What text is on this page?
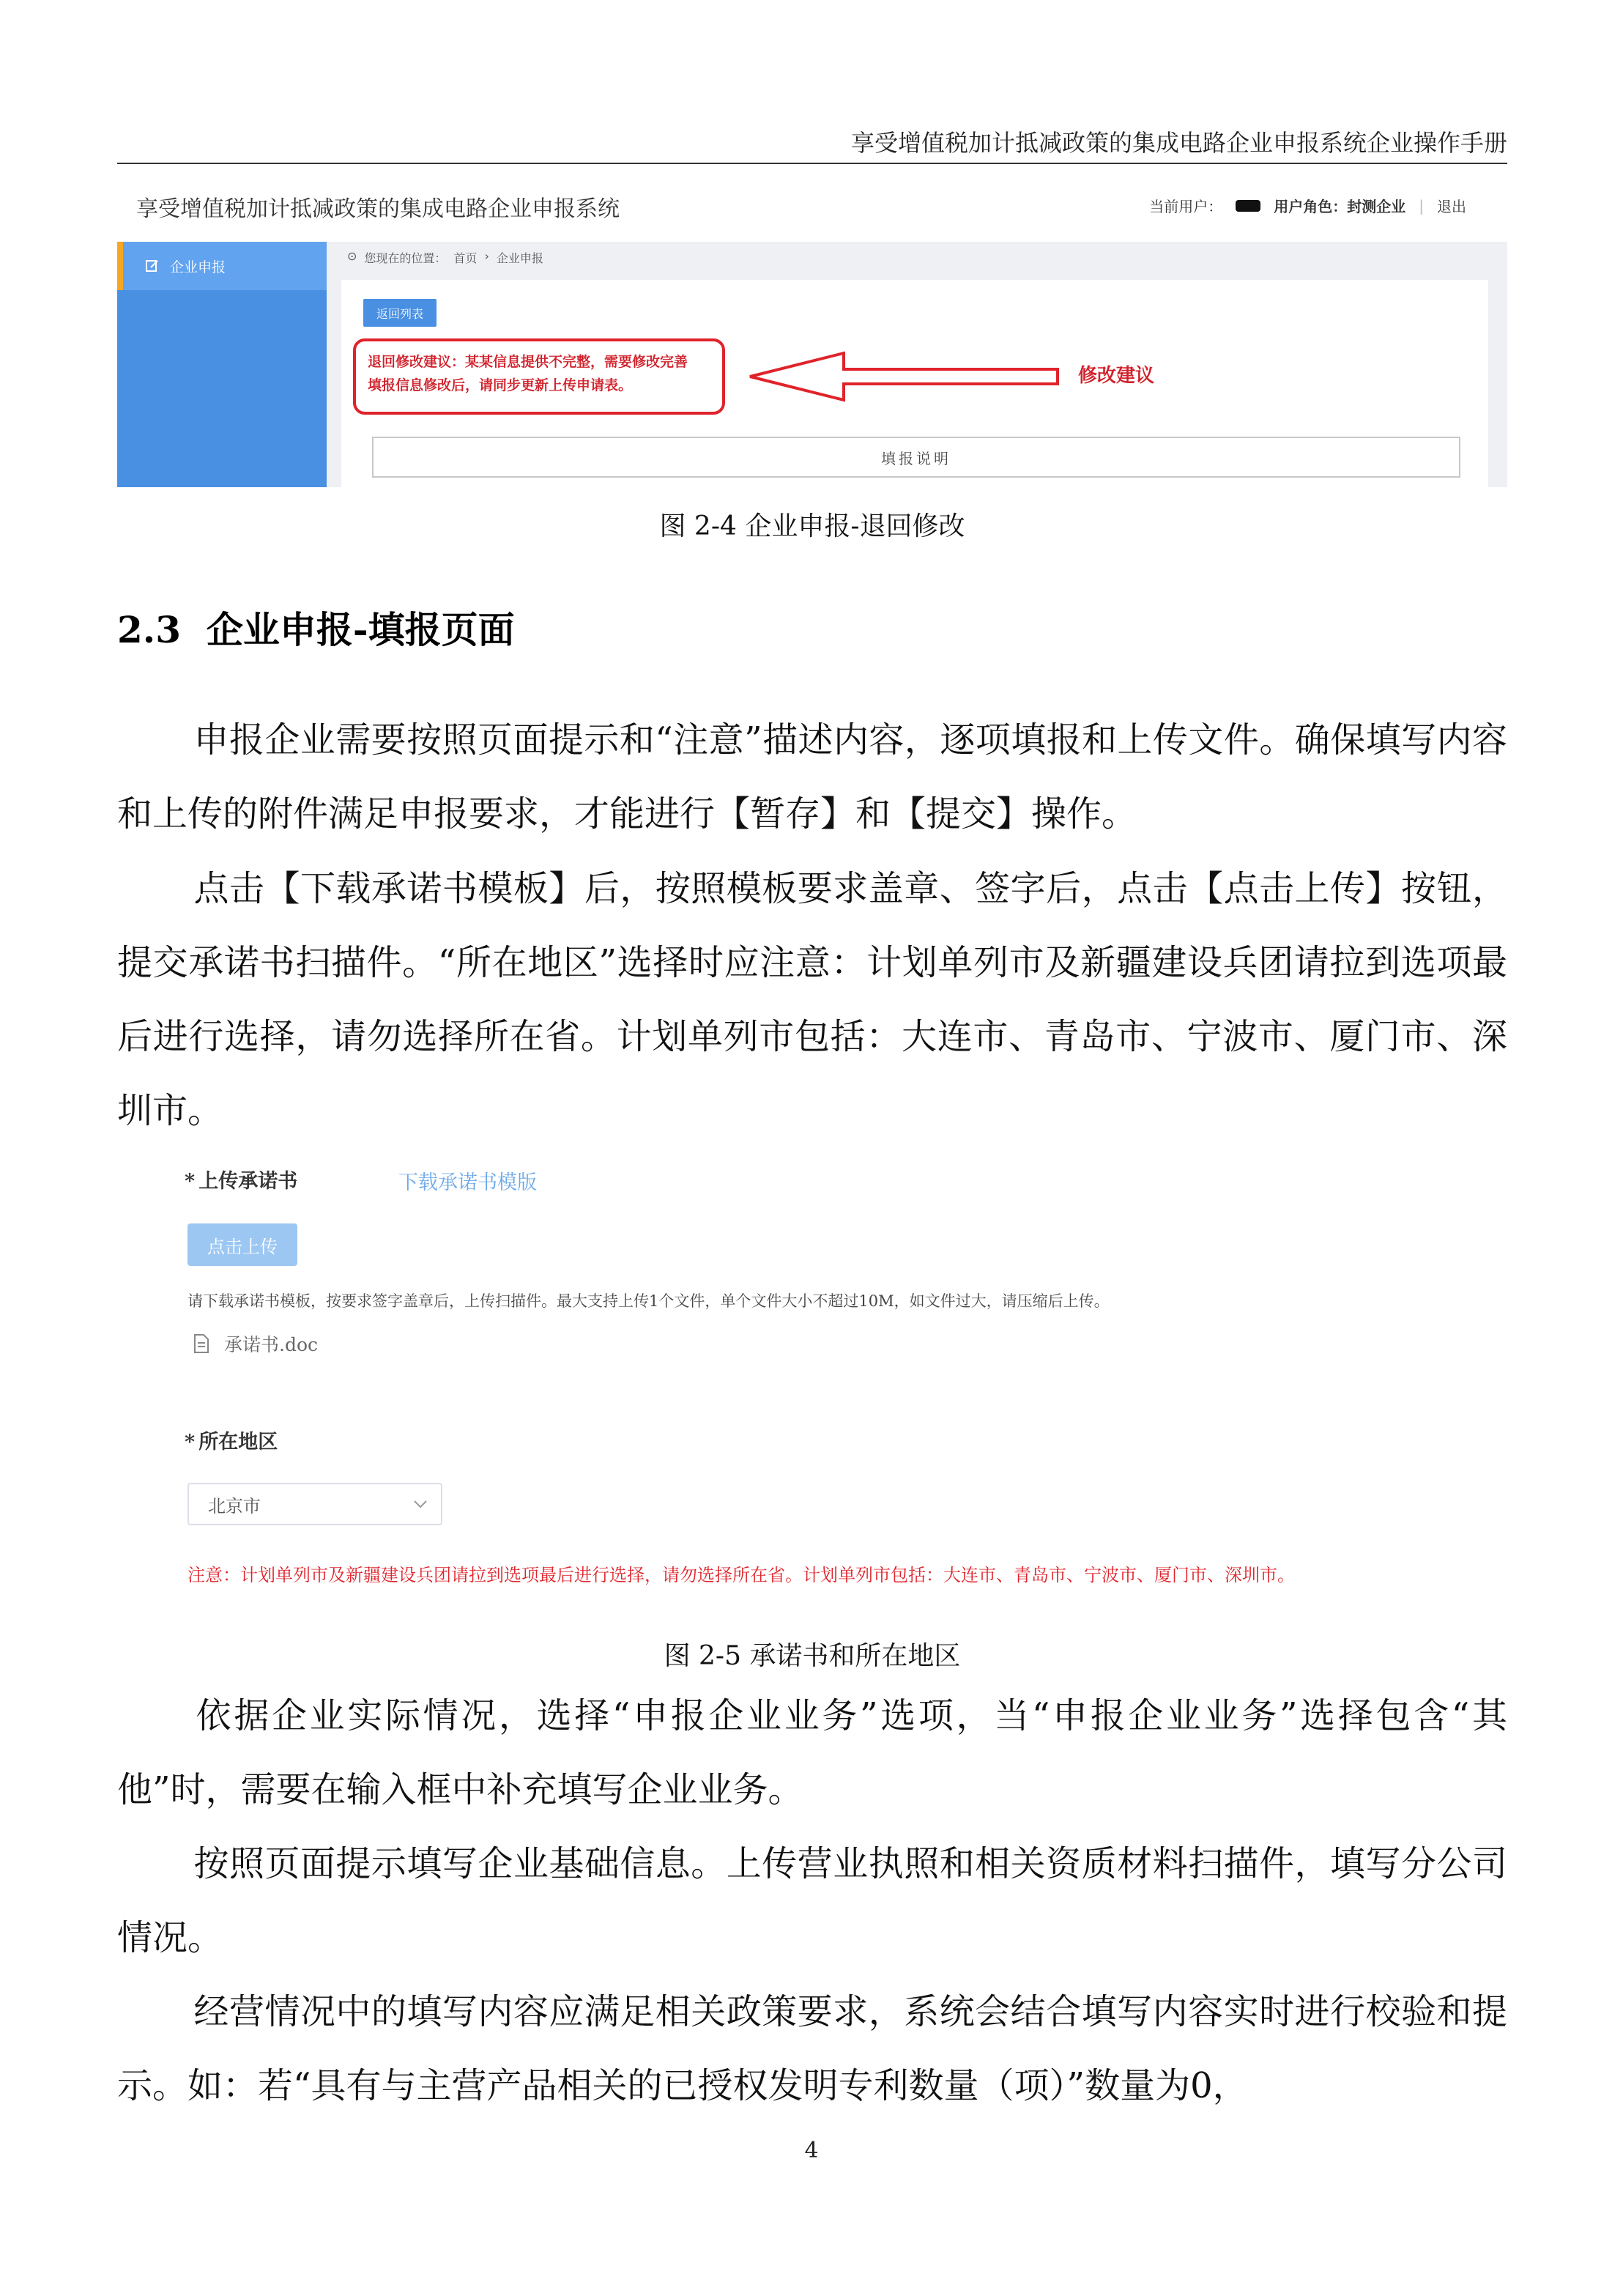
享受增值税加计抵减政策的集成电路企业申报系统企业操作手册
享受增值税加计抵减政策的集成电路企业申报系统	当前用户：	用户角色：封测企业 | 退出
企业申报
⊙ 您现在的位置： 首页 › 企业申报
返回列表
退回修改建议：某某信息提供不完整，需要修改完善
填报信息修改后，请同步更新上传申请表。	修改建议
填报说明
图 2-4 企业申报-退回修改
2.3 企业申报-填报页面
申报企业需要按照页面提示和“注意”描述内容，逐项填报和上传文件。确保填写内容和上传的附件满足申报要求，才能进行【暂存】和【提交】操作。
点击【下载承诺书模板】后，按照模板要求盖章、签字后，点击【点击上传】按钮，提交承诺书扫描件。“所在地区”选择时应注意：计划单列市及新疆建设兵团请拉到选项最后进行选择，请勿选择所在省。计划单列市包括：大连市、青岛市、宁波市、厦门市、深圳市。
* 上传承诺书	下载承诺书模版
点击上传
请下载承诺书模板，按要求签字盖章后，上传扫描件。最大支持上传1个文件，单个文件大小不超过10M，如文件过大，请压缩后上传。
承诺书.doc
* 所在地区
北京市
注意：计划单列市及新疆建设兵团请拉到选项最后进行选择，请勿选择所在省。计划单列市包括：大连市、青岛市、宁波市、厦门市、深圳市。
图 2-5 承诺书和所在地区
依据企业实际情况，选择“申报企业业务”选项，当“申报企业业务”选择包含“其他”时，需要在输入框中补充填写企业业务。
按照页面提示填写企业基础信息。上传营业执照和相关资质材料扫描件，填写分公司情况。
经营情况中的填写内容应满足相关政策要求，系统会结合填写内容实时进行校验和提示。如：若“具有与主营产品相关的已授权发明专利数量（项）”数量为0，
4
